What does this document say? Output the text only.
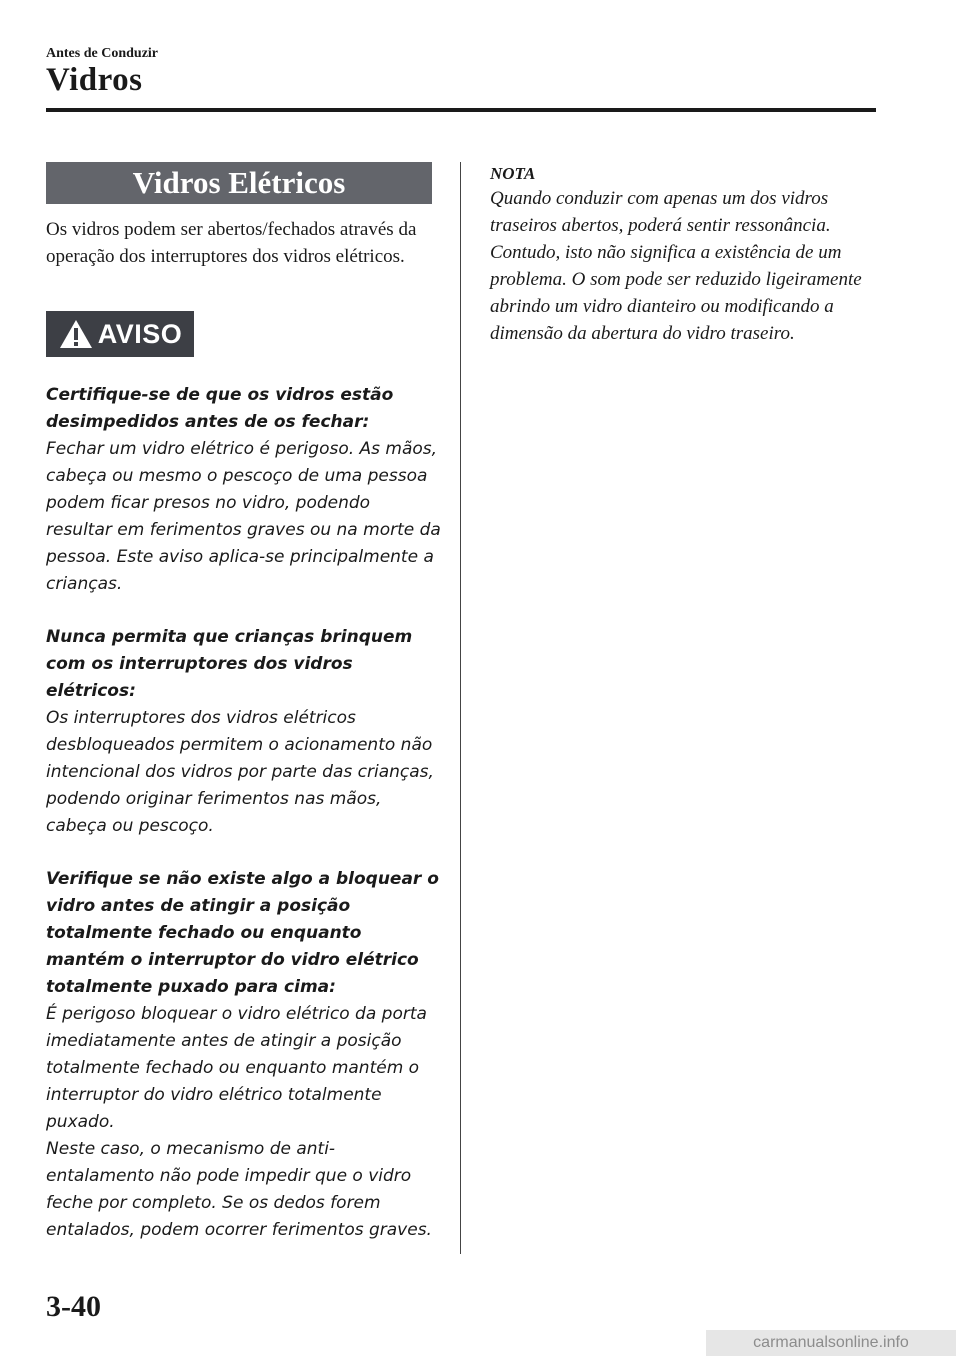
Antes de Conduzir
Vidros
Vidros Elétricos

Os vidros podem ser abertos/fechados através da operação dos interruptores dos vidros elétricos.

AVISO

Certifique-se de que os vidros estão desimpedidos antes de os fechar:

Fechar um vidro elétrico é perigoso. As mãos, cabeça ou mesmo o pescoço de uma pessoa podem ficar presos no vidro, podendo resultar em ferimentos graves ou na morte da pessoa. Este aviso aplica-se principalmente a crianças.

Nunca permita que crianças brinquem com os interruptores dos vidros elétricos:

Os interruptores dos vidros elétricos desbloqueados permitem o acionamento não intencional dos vidros por parte das crianças, podendo originar ferimentos nas mãos, cabeça ou pescoço.

Verifique se não existe algo a bloquear o vidro antes de atingir a posição totalmente fechado ou enquanto mantém o interruptor do vidro elétrico totalmente puxado para cima:

É perigoso bloquear o vidro elétrico da porta imediatamente antes de atingir a posição totalmente fechado ou enquanto mantém o interruptor do vidro elétrico totalmente puxado.

Neste caso, o mecanismo de anti-entalamento não pode impedir que o vidro feche por completo. Se os dedos forem entalados, podem ocorrer ferimentos graves.

NOTA

Quando conduzir com apenas um dos vidros traseiros abertos, poderá sentir ressonância. Contudo, isto não significa a existência de um problema. O som pode ser reduzido ligeiramente abrindo um vidro dianteiro ou modificando a dimensão da abertura do vidro traseiro.

3-40
carmanualsonline.info
